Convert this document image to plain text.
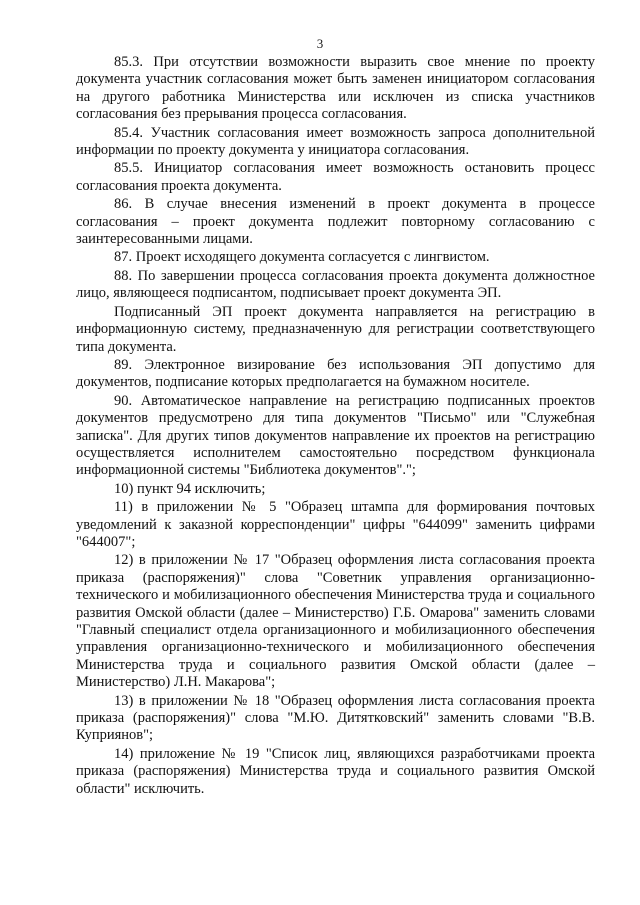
3

85.3. При отсутствии возможности выразить свое мнение по проекту документа участник согласования может быть заменен инициатором согласования на другого работника Министерства или исключен из списка участников согласования без прерывания процесса согласования.

85.4. Участник согласования имеет возможность запроса дополнительной информации по проекту документа у инициатора согласования.

85.5. Инициатор согласования имеет возможность остановить процесс согласования проекта документа.

86. В случае внесения изменений в проект документа в процессе согласования – проект документа подлежит повторному согласованию с заинтересованными лицами.

87. Проект исходящего документа согласуется с лингвистом.

88. По завершении процесса согласования проекта документа должностное лицо, являющееся подписантом, подписывает проект документа ЭП.

Подписанный ЭП проект документа направляется на регистрацию в информационную систему, предназначенную для регистрации соответствующего типа документа.

89. Электронное визирование без использования ЭП допустимо для документов, подписание которых предполагается на бумажном носителе.

90. Автоматическое направление на регистрацию подписанных проектов документов предусмотрено для типа документов "Письмо" или "Служебная записка". Для других типов документов направление их проектов на регистрацию осуществляется исполнителем самостоятельно посредством функционала информационной системы "Библиотека документов".";

10) пункт 94 исключить;

11) в приложении № 5 "Образец штампа для формирования почтовых уведомлений к заказной корреспонденции" цифры "644099" заменить цифрами "644007";

12) в приложении № 17 "Образец оформления листа согласования проекта приказа (распоряжения)" слова "Советник управления организационно-технического и мобилизационного обеспечения Министерства труда и социального развития Омской области (далее – Министерство) Г.Б. Омарова" заменить словами "Главный специалист отдела организационного и мобилизационного обеспечения управления организационно-технического и мобилизационного обеспечения Министерства труда и социального развития Омской области (далее – Министерство) Л.Н. Макарова";

13) в приложении № 18 "Образец оформления листа согласования проекта приказа (распоряжения)" слова "М.Ю. Дитятковский" заменить словами "В.В. Куприянов";

14) приложение № 19 "Список лиц, являющихся разработчиками проекта приказа (распоряжения) Министерства труда и социального развития Омской области" исключить.
